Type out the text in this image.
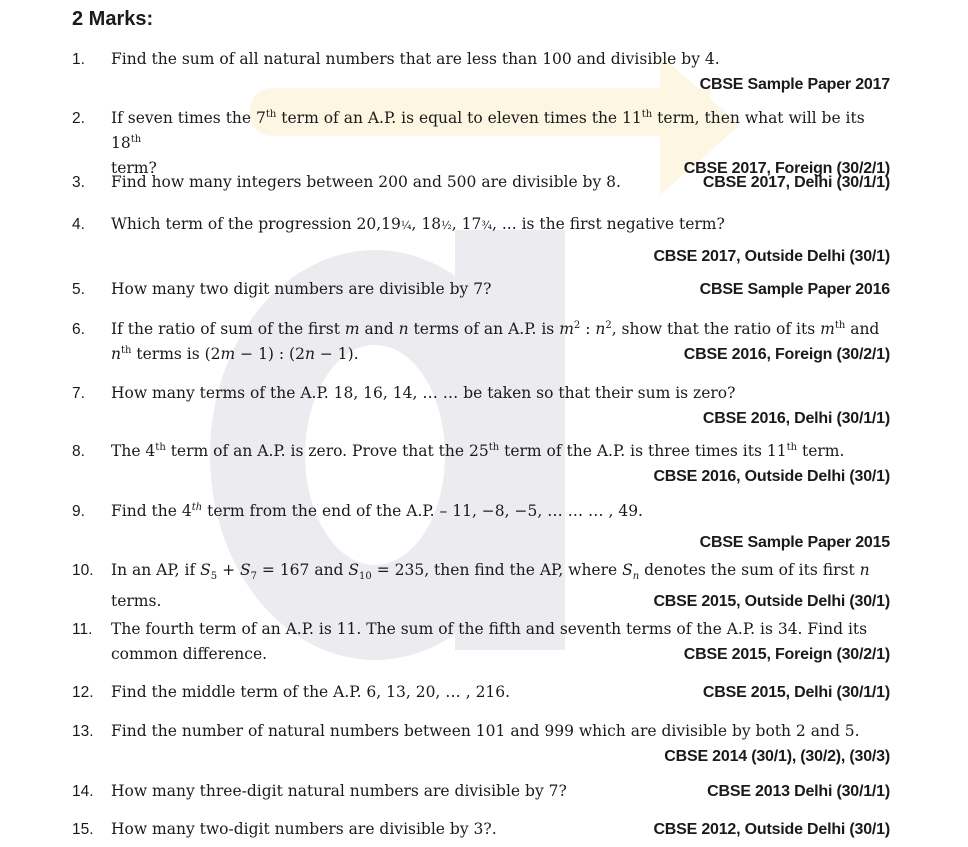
2 Marks:
1.	Find the sum of all natural numbers that are less than 100 and divisible by 4.
CBSE Sample Paper 2017
2.	If seven times the 7th term of an A.P. is equal to eleven times the 11th term, then what will be its 18th
term?	CBSE 2017, Foreign (30/2/1)
3.	Find how many integers between 200 and 500 are divisible by 8.	CBSE 2017, Delhi (30/1/1)
4.	Which term of the progression 20,19¼, 18½, 17¾, ... is the first negative term?
CBSE 2017, Outside Delhi (30/1)
5.	How many two digit numbers are divisible by 7?	CBSE Sample Paper 2016
6.	If the ratio of sum of the first m and n terms of an A.P. is $m^2$ : $n^2$, show that the ratio of its $m^{th}$ and
$n^{th}$ terms is (2m − 1) : (2n − 1).	CBSE 2016, Foreign (30/2/1)
7.	How many terms of the A.P. 18, 16, 14, … … be taken so that their sum is zero?
CBSE 2016, Delhi (30/1/1)
8.	The 4th term of an A.P. is zero. Prove that the 25th term of the A.P. is three times its 11th term.
CBSE 2016, Outside Delhi (30/1)
9.	Find the 4th term from the end of the A.P. – 11, −8, −5, … … … , 49.
CBSE Sample Paper 2015
10.	In an AP, if $S_5 + S_7 = 167$ and $S_{10} = 235$, then find the AP, where $S_n$ denotes the sum of its first n
terms.	CBSE 2015, Outside Delhi (30/1)
11.	The fourth term of an A.P. is 11. The sum of the fifth and seventh terms of the A.P. is 34. Find its
common difference.	CBSE 2015, Foreign (30/2/1)
12.	Find the middle term of the A.P. 6, 13, 20, … , 216.	CBSE 2015, Delhi (30/1/1)
13.	Find the number of natural numbers between 101 and 999 which are divisible by both 2 and 5.
CBSE 2014 (30/1), (30/2), (30/3)
14.	How many three-digit natural numbers are divisible by 7?	CBSE 2013 Delhi (30/1/1)
15.	How many two-digit numbers are divisible by 3?.	CBSE 2012, Outside Delhi (30/1)
